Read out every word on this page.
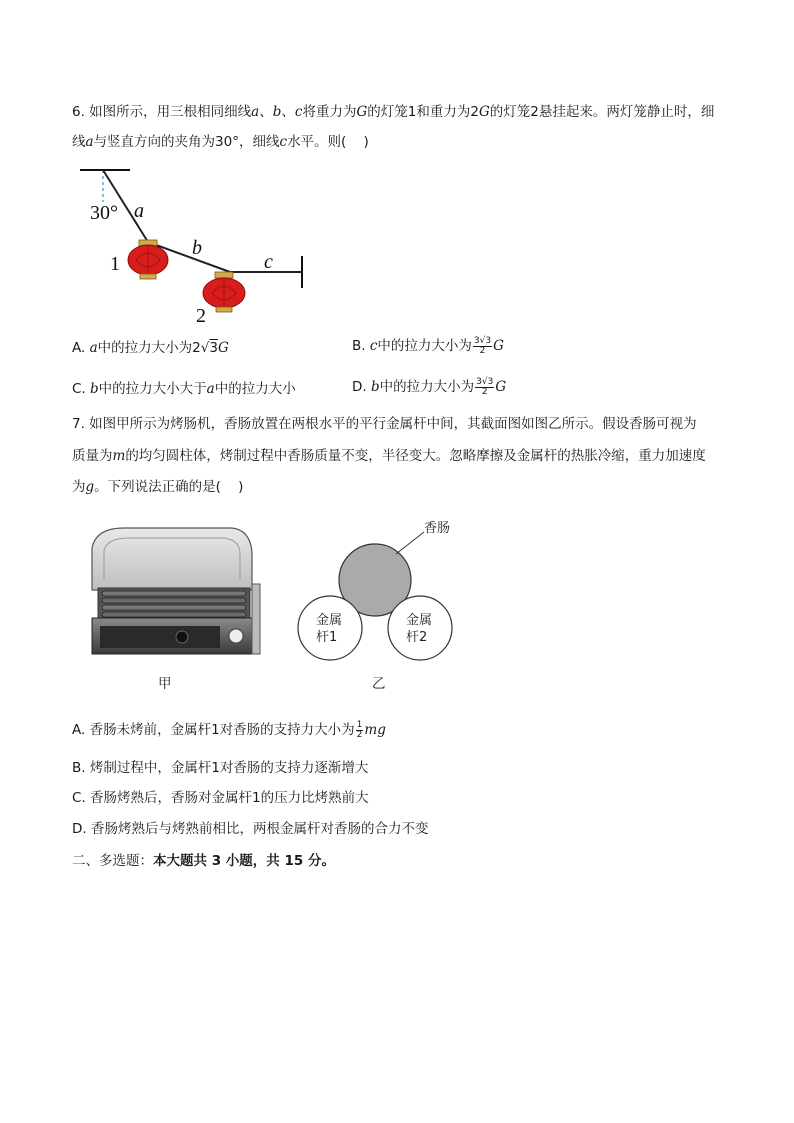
6. 如图所示，用三根相同细线a、b、c将重力为G的灯笼1和重力为2G的灯笼2悬挂起来。两灯笼静止时，细
线a与竖直方向的夹角为30°，细线c水平。则(    )
30° a
b
c
1
2
A. a中的拉力大小为2√3G	B. c中的拉力大小为 $\frac{3√3}{2}$ G
C. b中的拉力大小大于a中的拉力大小	D. b中的拉力大小为 $\frac{3√3}{2}$ G
7. 如图甲所示为烤肠机，香肠放置在两根水平的平行金属杆中间，其截面图如图乙所示。假设香肠可视为
质量为m的均匀圆柱体，烤制过程中香肠质量不变，半径变大。忽略摩擦及金属杆的热胀冷缩，重力加速度
为g。下列说法正确的是(    )
甲
香肠
金属
杆1
金属
杆2
乙
A. 香肠未烤前，金属杆1对香肠的支持力大小为 $\frac{1}{2}$ mg
B. 烤制过程中，金属杆1对香肠的支持力逐渐增大
C. 香肠烤熟后，香肠对金属杆1的压力比烤熟前大
D. 香肠烤熟后与烤熟前相比，两根金属杆对香肠的合力不变
二、多选题：本大题共 3 小题，共 15 分。
